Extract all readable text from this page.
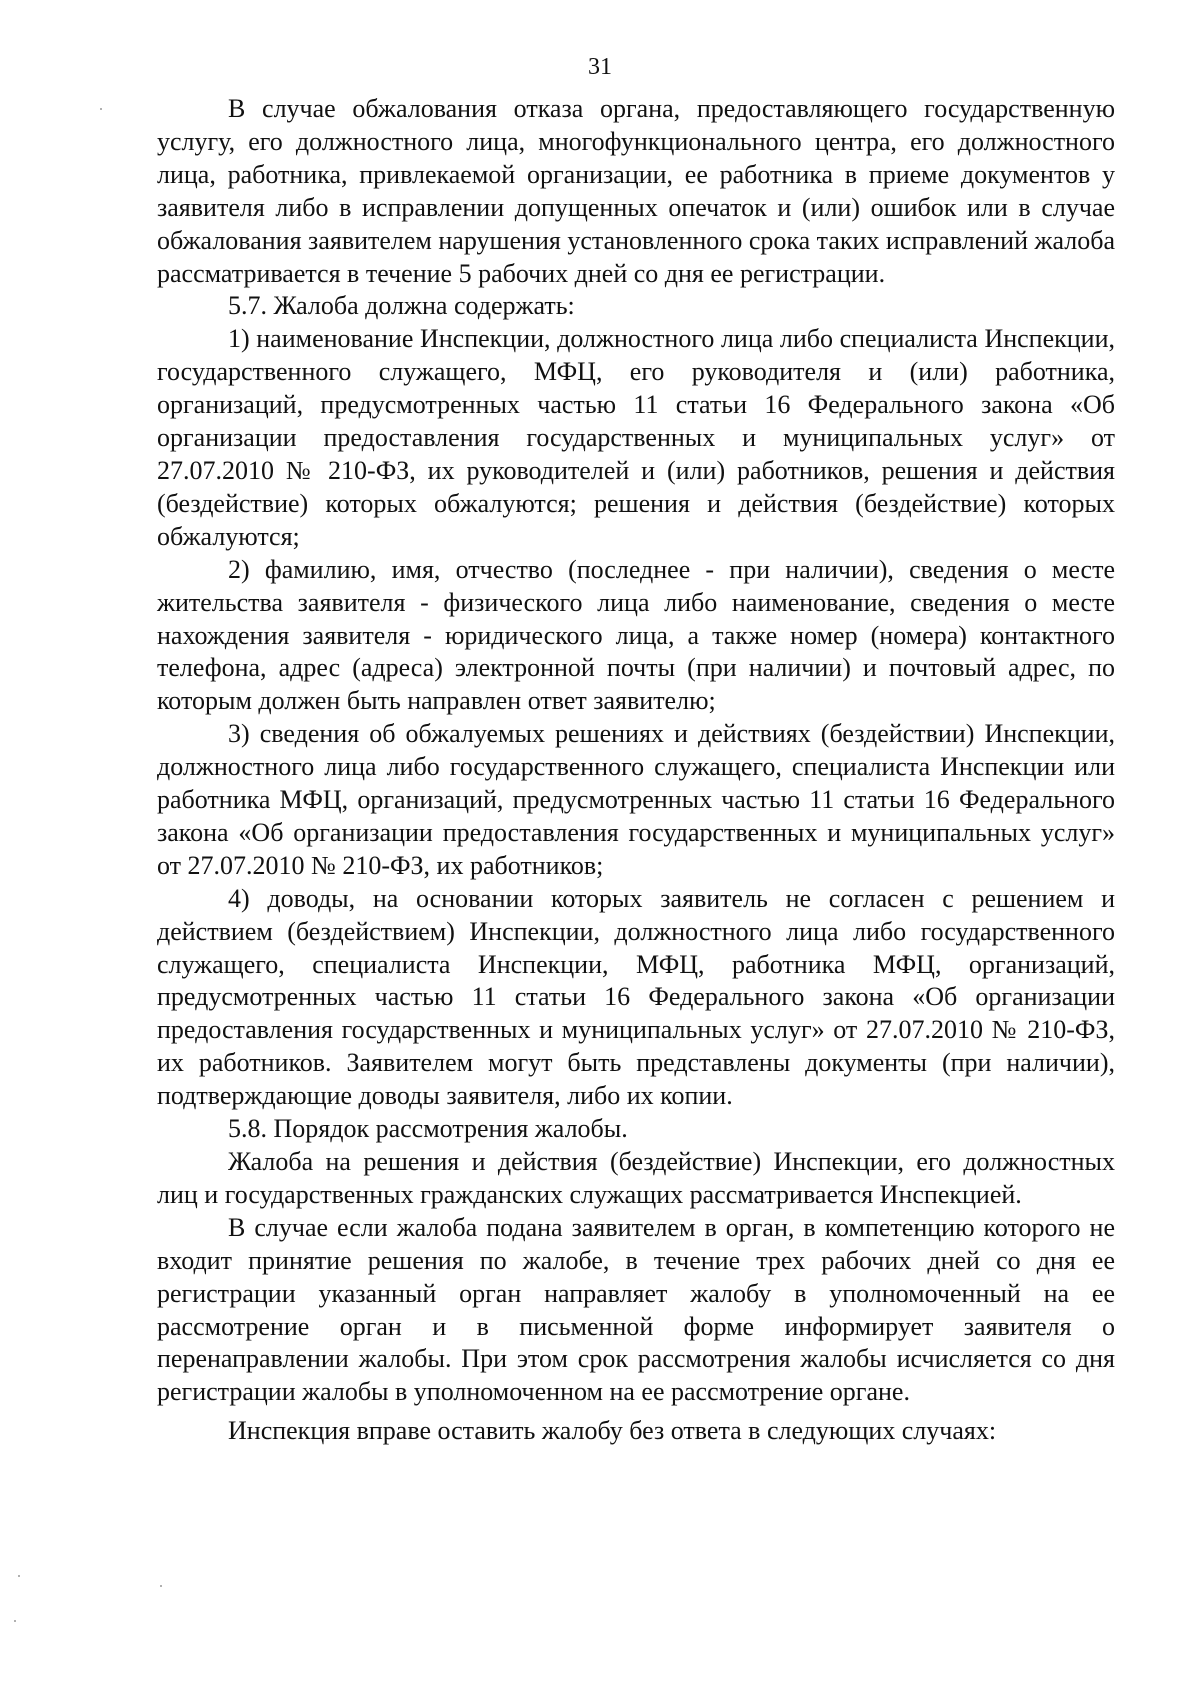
31

В случае обжалования отказа органа, предоставляющего государственную услугу, его должностного лица, многофункционального центра, его должностного лица, работника, привлекаемой организации, ее работника в приеме документов у заявителя либо в исправлении допущенных опечаток и (или) ошибок или в случае обжалования заявителем нарушения установленного срока таких исправлений жалоба рассматривается в течение 5 рабочих дней со дня ее регистрации.

5.7. Жалоба должна содержать:

1) наименование Инспекции, должностного лица либо специалиста Инспекции, государственного служащего, МФЦ, его руководителя и (или) работника, организаций, предусмотренных частью 11 статьи 16 Федерального закона «Об организации предоставления государственных и муниципальных услуг» от 27.07.2010 № 210-ФЗ, их руководителей и (или) работников, решения и действия (бездействие) которых обжалуются; решения и действия (бездействие) которых обжалуются;

2) фамилию, имя, отчество (последнее - при наличии), сведения о месте жительства заявителя - физического лица либо наименование, сведения о месте нахождения заявителя - юридического лица, а также номер (номера) контактного телефона, адрес (адреса) электронной почты (при наличии) и почтовый адрес, по которым должен быть направлен ответ заявителю;

3) сведения об обжалуемых решениях и действиях (бездействии) Инспекции, должностного лица либо государственного служащего, специалиста Инспекции или работника МФЦ, организаций, предусмотренных частью 11 статьи 16 Федерального закона «Об организации предоставления государственных и муниципальных услуг» от 27.07.2010 № 210-ФЗ, их работников;

4) доводы, на основании которых заявитель не согласен с решением и действием (бездействием) Инспекции, должностного лица либо государственного служащего, специалиста Инспекции, МФЦ, работника МФЦ, организаций, предусмотренных частью 11 статьи 16 Федерального закона «Об организации предоставления государственных и муниципальных услуг» от 27.07.2010 № 210-ФЗ, их работников. Заявителем могут быть представлены документы (при наличии), подтверждающие доводы заявителя, либо их копии.

5.8. Порядок рассмотрения жалобы.

Жалоба на решения и действия (бездействие) Инспекции, его должностных лиц и государственных гражданских служащих рассматривается Инспекцией.

В случае если жалоба подана заявителем в орган, в компетенцию которого не входит принятие решения по жалобе, в течение трех рабочих дней со дня ее регистрации указанный орган направляет жалобу в уполномоченный на ее рассмотрение орган и в письменной форме информирует заявителя о перенаправлении жалобы. При этом срок рассмотрения жалобы исчисляется со дня регистрации жалобы в уполномоченном на ее рассмотрение органе.

Инспекция вправе оставить жалобу без ответа в следующих случаях:
